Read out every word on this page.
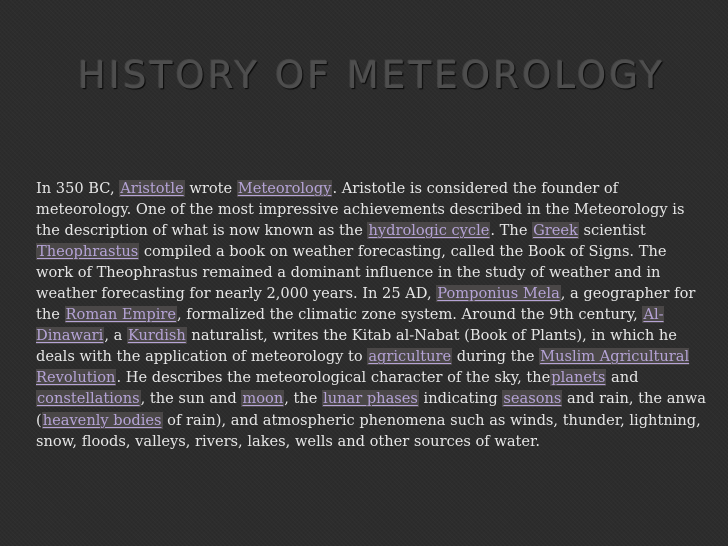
HISTORY OF METEOROLOGY

In 350 BC, Aristotle wrote Meteorology. Aristotle is considered the founder of meteorology. One of the most impressive achievements described in the Meteorology is the description of what is now known as the hydrologic cycle. The Greek scientist Theophrastus compiled a book on weather forecasting, called the Book of Signs. The work of Theophrastus remained a dominant influence in the study of weather and in weather forecasting for nearly 2,000 years. In 25 AD, Pomponius Mela, a geographer for the Roman Empire, formalized the climatic zone system. Around the 9th century, Al-Dinawari, a Kurdish naturalist, writes the Kitab al-Nabat (Book of Plants), in which he deals with the application of meteorology to agriculture during the Muslim Agricultural Revolution. He describes the meteorological character of the sky, theplanets and constellations, the sun and moon, the lunar phases indicating seasons and rain, the anwa (heavenly bodies of rain), and atmospheric phenomena such as winds, thunder, lightning, snow, floods, valleys, rivers, lakes, wells and other sources of water.
